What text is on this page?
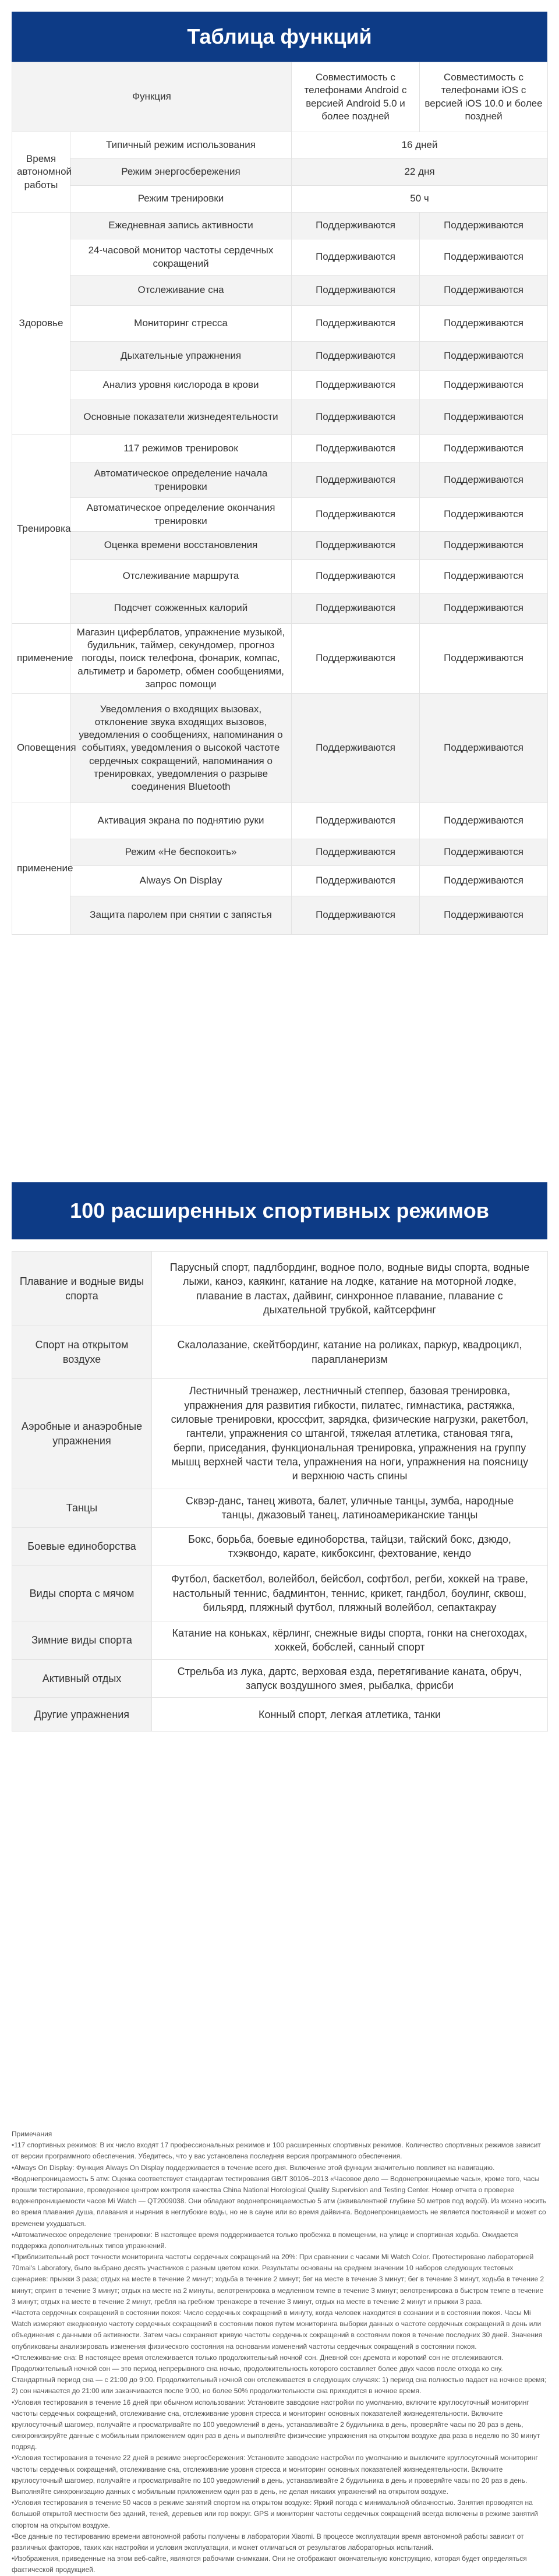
Таблица функций
Функция		Совместимость с телефонами Android с версией Android 5.0 и более поздней	Совместимость с телефонами iOS с версией iOS 10.0 и более поздней
Время автономной работы	Типичный режим использования	16 дней	
	Режим энергосбережения	22 дня	
	Режим тренировки	50 ч	
Здоровье	Ежедневная запись активности	Поддерживаются	Поддерживаются
	24-часовой монитор частоты сердечных сокращений	Поддерживаются	Поддерживаются
	Отслеживание сна	Поддерживаются	Поддерживаются
	Мониторинг стресса	Поддерживаются	Поддерживаются
	Дыхательные упражнения	Поддерживаются	Поддерживаются
	Анализ уровня кислорода в крови	Поддерживаются	Поддерживаются
	Основные показатели жизнедеятельности	Поддерживаются	Поддерживаются
Тренировка	117 режимов тренировок	Поддерживаются	Поддерживаются
	Автоматическое определение начала тренировки	Поддерживаются	Поддерживаются
	Автоматическое определение окончания тренировки	Поддерживаются	Поддерживаются
	Оценка времени восстановления	Поддерживаются	Поддерживаются
	Отслеживание маршрута	Поддерживаются	Поддерживаются
	Подсчет сожженных калорий	Поддерживаются	Поддерживаются
применение	Магазин циферблатов, упражнение музыкой, будильник, таймер, секундомер, прогноз погоды, поиск телефона, фонарик, компас, альтиметр и барометр, обмен сообщениями, запрос помощи	Поддерживаются	Поддерживаются
Оповещения	Уведомления о входящих вызовах, отклонение звука входящих вызовов, уведомления о сообщениях, напоминания о событиях, уведомления о высокой частоте сердечных сокращений, напоминания о тренировках, уведомления о разрыве соединения Bluetooth	Поддерживаются	Поддерживаются
применение	Активация экрана по поднятию руки	Поддерживаются	Поддерживаются
	Режим «Не беспокоить»	Поддерживаются	Поддерживаются
	Always On Display	Поддерживаются	Поддерживаются
	Защита паролем при снятии с запястья	Поддерживаются	Поддерживаются
100 расширенных спортивных режимов
Плавание и водные виды спорта	Парусный спорт, падлбординг, водное поло, водные виды спорта, водные лыжи, каноэ, каякинг, катание на лодке, катание на моторной лодке, плавание в ластах, дайвинг, синхронное плавание, плавание с дыхательной трубкой, кайтсерфинг
Спорт на открытом воздухе	Скалолазание, скейтбординг, катание на роликах, паркур, квадроцикл, парапланеризм
Аэробные и анаэробные упражнения	Лестничный тренажер, лестничный степпер, базовая тренировка, упражнения для развития гибкости, пилатес, гимнастика, растяжка, силовые тренировки, кроссфит, зарядка, физические нагрузки, ракетбол, гантели, упражнения со штангой, тяжелая атлетика, становая тяга, берпи, приседания, функциональная тренировка, упражнения на группу мышц верхней части тела, упражнения на ноги, упражнения на поясницу и верхнюю часть спины
Танцы	Сквэр-данс, танец живота, балет, уличные танцы, зумба, народные танцы, джазовый танец, латиноамериканские танцы
Боевые единоборства	Бокс, борьба, боевые единоборства, тайцзи, тайский бокс, дзюдо, тхэквондо, карате, кикбоксинг, фехтование, кендо
Виды спорта с мячом	Футбол, баскетбол, волейбол, бейсбол, софтбол, регби, хоккей на траве, настольный теннис, бадминтон, теннис, крикет, гандбол, боулинг, сквош, бильярд, пляжный футбол, пляжный волейбол, сепактакрау
Зимние виды спорта	Катание на коньках, кёрлинг, снежные виды спорта, гонки на снегоходах, хоккей, бобслей, санный спорт
Активный отдых	Стрельба из лука, дартс, верховая езда, перетягивание каната, обруч, запуск воздушного змея, рыбалка, фрисби
Другие упражнения	Конный спорт, легкая атлетика, танки

Примечания

•117 спортивных режимов: В их число входят 17 профессиональных режимов и 100 расширенных спортивных режимов. Количество спортивных режимов зависит от версии программного обеспечения. Убедитесь, что у вас установлена последняя версия программного обеспечения.

•Always On Display: Функция Always On Display поддерживается в течение всего дня. Включение этой функции значительно повлияет на навигацию.

•Водонепроницаемость 5 атм: Оценка соответствует стандартам тестирования GB/T 30106–2013 «Часовое дело — Водонепроницаемые часы», кроме того, часы прошли тестирование, проведенное центром контроля качества China National Horological Quality Supervision and Testing Center. Номер отчета о проверке водонепроницаемости часов Mi Watch — QT2009038. Они обладают водонепроницаемостью 5 атм (эквивалентной глубине 50 метров под водой). Из можно носить во время плавания душа, плавания и ныряния в неглубокие воды, но не в сауне или во время дайвинга. Водонепроницаемость не является постоянной и может со временем ухудшаться.

•Автоматическое определение тренировки: В настоящее время поддерживается только пробежка в помещении, на улице и спортивная ходьба. Ожидается поддержка дополнительных типов упражнений.

•Приблизительный рост точности мониторинга частоты сердечных сокращений на 20%: При сравнении с часами Mi Watch Color. Протестировано лабораторией 70mai's Laboratory, было выбрано десять участников с разным цветом кожи. Результаты основаны на среднем значении 10 наборов следующих тестовых сценариев: прыжки 3 раза; отдых на месте в течение 2 минут; ходьба в течение 2 минут; бег на месте в течение 3 минут; бег в течение 3 минут, ходьба в течение 2 минут; спринт в течение 3 минут; отдых на месте на 2 минуты, велотренировка в медленном темпе в течение 3 минут; велотренировка в быстром темпе в течение 3 минут; отдых на месте в течение 2 минут, гребля на гребном тренажере в течение 3 минут, отдых на месте в течение 2 минут и прыжки 3 раза.

•Частота сердечных сокращений в состоянии покоя: Число сердечных сокращений в минуту, когда человек находится в сознании и в состоянии покоя. Часы Mi Watch измеряют ежедневную частоту сердечных сокращений в состоянии покоя путем мониторинга выборки данных о частоте сердечных сокращений в день или объединения с данными об активности. Затем часы сохраняют кривую частоты сердечных сокращений в состоянии покоя в течение последних 30 дней. Значения опубликованы анализировать изменения физического состояния на основании изменений частоты сердечных сокращений в состоянии покоя.

•Отслеживание сна: В настоящее время отслеживается только продолжительный ночной сон. Дневной сон дремота и короткий сон не отслеживаются. Продолжительный ночной сон — это период непрерывного сна ночью, продолжительность которого составляет более двух часов после отхода ко сну. Стандартный период сна — с 21:00 до 9:00. Продолжительный ночной сон отслеживается в следующих случаях: 1) период сна полностью падает на ночное время; 2) сон начинается до 21:00 или заканчивается после 9:00, но более 50% продолжительности сна приходится в ночное время.

•Условия тестирования в течение 16 дней при обычном использовании: Установите заводские настройки по умолчанию, включите круглосуточный мониторинг частоты сердечных сокращений, отслеживание сна, отслеживание уровня стресса и мониторинг основных показателей жизнедеятельности. Включите круглосуточный шагомер, получайте и просматривайте по 100 уведомлений в день, устанавливайте 2 будильника в день, проверяйте часы по 20 раз в день, синхронизируйте данные с мобильным приложением один раз в день и выполняйте физические упражнения на открытом воздухе два раза в неделю по 30 минут подряд.

•Условия тестирования в течение 22 дней в режиме энергосбережения: Установите заводские настройки по умолчанию и выключите круглосуточный мониторинг частоты сердечных сокращений, отслеживание сна, отслеживание уровня стресса и мониторинг основных показателей жизнедеятельности. Включите круглосуточный шагомер, получайте и просматривайте по 100 уведомлений в день, устанавливайте 2 будильника в день и проверяйте часы по 20 раз в день. Выполняйте синхронизацию данных с мобильным приложением один раз в день, не делая никаких упражнений на открытом воздухе.

•Условия тестирования в течение 50 часов в режиме занятий спортом на открытом воздухе: Яркий погода с минимальной облачностью. Занятия проводятся на большой открытой местности без зданий, теней, деревьев или гор вокруг. GPS и мониторинг частоты сердечных сокращений всегда включены в режиме занятий спортом на открытом воздухе.

•Все данные по тестированию времени автономной работы получены в лаборатории Xiaomi. В процессе эксплуатации время автономной работы зависит от различных факторов, таких как настройки и условия эксплуатации, и может отличаться от результатов лабораторных испытаний.

•Изображения, приведенные на этом веб-сайте, являются рабочими снимками. Они не отображают окончательную конструкцию, которая будет определяться фактической продукцией.
